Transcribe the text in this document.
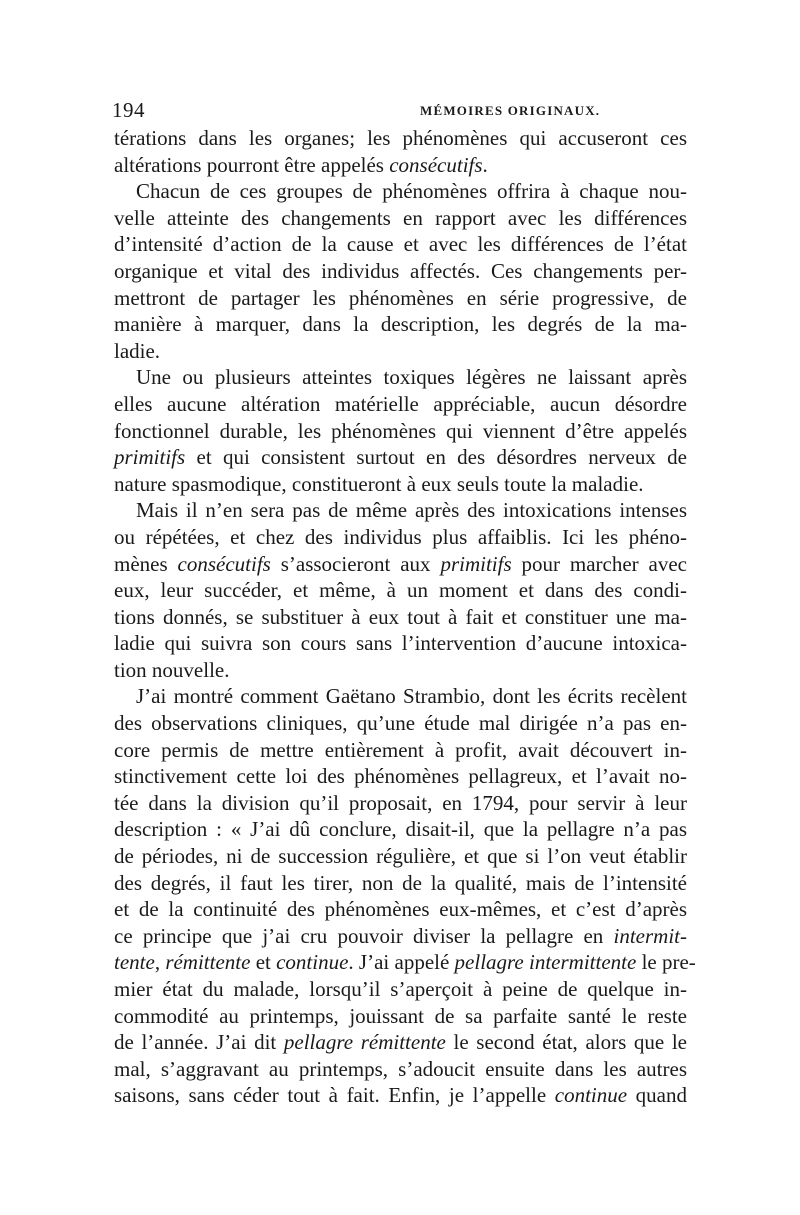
194	MÉMOIRES ORIGINAUX.
térations dans les organes; les phénomènes qui accuseront ces
altérations pourront être appelés consécutifs.
Chacun de ces groupes de phénomènes offrira à chaque nou-
velle atteinte des changements en rapport avec les différences
d’intensité d’action de la cause et avec les différences de l’état
organique et vital des individus affectés. Ces changements per-
mettront de partager les phénomènes en série progressive, de
manière à marquer, dans la description, les degrés de la ma-
ladie.
Une ou plusieurs atteintes toxiques légères ne laissant après
elles aucune altération matérielle appréciable, aucun désordre
fonctionnel durable, les phénomènes qui viennent d’être appelés
primitifs et qui consistent surtout en des désordres nerveux de
nature spasmodique, constitueront à eux seuls toute la maladie.
Mais il n’en sera pas de même après des intoxications intenses
ou répétées, et chez des individus plus affaiblis. Ici les phéno-
mènes consécutifs s’associeront aux primitifs pour marcher avec
eux, leur succéder, et même, à un moment et dans des condi-
tions donnés, se substituer à eux tout à fait et constituer une ma-
ladie qui suivra son cours sans l’intervention d’aucune intoxica-
tion nouvelle.
J’ai montré comment Gaëtano Strambio, dont les écrits recèlent
des observations cliniques, qu’une étude mal dirigée n’a pas en-
core permis de mettre entièrement à profit, avait découvert in-
stinctivement cette loi des phénomènes pellagreux, et l’avait no-
tée dans la division qu’il proposait, en 1794, pour servir à leur
description : « J’ai dû conclure, disait-il, que la pellagre n’a pas
de périodes, ni de succession régulière, et que si l’on veut établir
des degrés, il faut les tirer, non de la qualité, mais de l’intensité
et de la continuité des phénomènes eux-mêmes, et c’est d’après
ce principe que j’ai cru pouvoir diviser la pellagre en intermit-
tente, rémittente et continue. J’ai appelé pellagre intermittente le pre-
mier état du malade, lorsqu’il s’aperçoit à peine de quelque in-
commodité au printemps, jouissant de sa parfaite santé le reste
de l’année. J’ai dit pellagre rémittente le second état, alors que le
mal, s’aggravant au printemps, s’adoucit ensuite dans les autres
saisons, sans céder tout à fait. Enfin, je l’appelle continue quand
